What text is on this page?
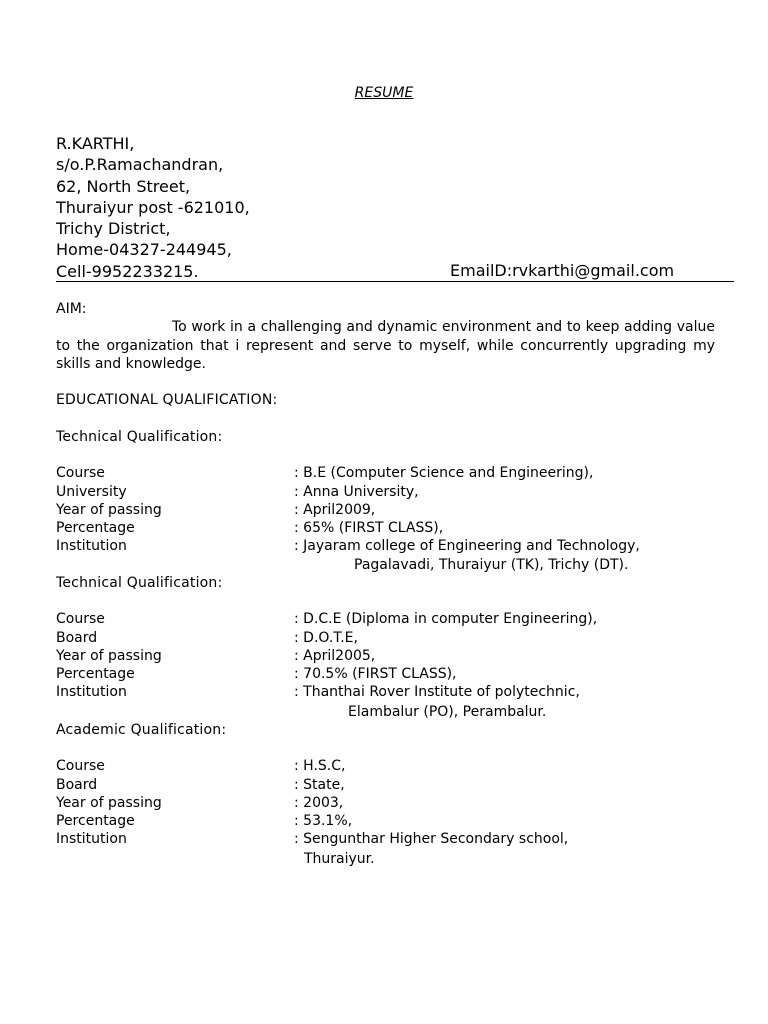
RESUME
R.KARTHI,
s/o.P.Ramachandran,
62, North Street,
Thuraiyur post -621010,
Trichy District,
Home-04327-244945,
Cell-9952233215.	EmailD:rvkarthi@gmail.com
AIM:
To work in a challenging and dynamic environment and to keep adding value to the organization that i represent and serve to myself, while concurrently upgrading my skills and knowledge.
EDUCATIONAL QUALIFICATION:
Technical Qualification:
Course	: B.E (Computer Science and Engineering),
University	: Anna University,
Year of passing	: April2009,
Percentage	: 65% (FIRST CLASS),
Institution	: Jayaram college of Engineering and Technology,
Pagalavadi, Thuraiyur (TK), Trichy (DT).
Technical Qualification:
Course	: D.C.E (Diploma in computer Engineering),
Board	: D.O.T.E,
Year of passing	: April2005,
Percentage	: 70.5% (FIRST CLASS),
Institution	: Thanthai Rover Institute of polytechnic,
Elambalur (PO), Perambalur.
Academic Qualification:
Course	: H.S.C,
Board	: State,
Year of passing	: 2003,
Percentage	: 53.1%,
Institution	: Sengunthar Higher Secondary school,
Thuraiyur.
